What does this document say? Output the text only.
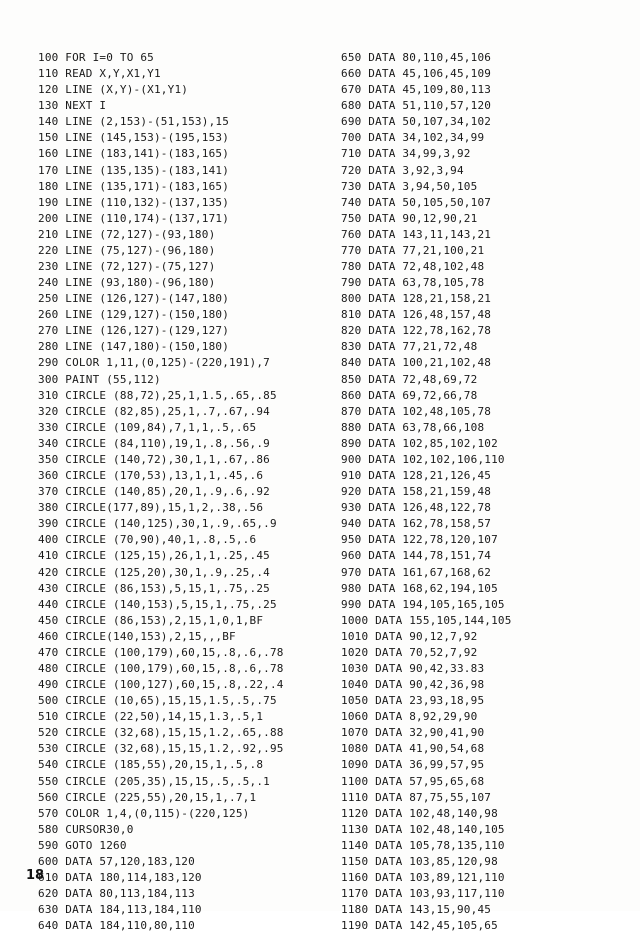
100 FOR I=0 TO 65
110 READ X,Y,X1,Y1
120 LINE (X,Y)-(X1,Y1)
130 NEXT I
140 LINE (2,153)-(51,153),15
150 LINE (145,153)-(195,153)
160 LINE (183,141)-(183,165)
170 LINE (135,135)-(183,141)
180 LINE (135,171)-(183,165)
190 LINE (110,132)-(137,135)
200 LINE (110,174)-(137,171)
210 LINE (72,127)-(93,180)
220 LINE (75,127)-(96,180)
230 LINE (72,127)-(75,127)
240 LINE (93,180)-(96,180)
250 LINE (126,127)-(147,180)
260 LINE (129,127)-(150,180)
270 LINE (126,127)-(129,127)
280 LINE (147,180)-(150,180)
290 COLOR 1,11,(0,125)-(220,191),7
300 PAINT (55,112)
310 CIRCLE (88,72),25,1,1.5,.65,.85
320 CIRCLE (82,85),25,1,.7,.67,.94
330 CIRCLE (109,84),7,1,1,.5,.65
340 CIRCLE (84,110),19,1,.8,.56,.9
350 CIRCLE (140,72),30,1,1,.67,.86
360 CIRCLE (170,53),13,1,1,.45,.6
370 CIRCLE (140,85),20,1,.9,.6,.92
380 CIRCLE(177,89),15,1,2,.38,.56
390 CIRCLE (140,125),30,1,.9,.65,.9
400 CIRCLE (70,90),40,1,.8,.5,.6
410 CIRCLE (125,15),26,1,1,.25,.45
420 CIRCLE (125,20),30,1,.9,.25,.4
430 CIRCLE (86,153),5,15,1,.75,.25
440 CIRCLE (140,153),5,15,1,.75,.25
450 CIRCLE (86,153),2,15,1,0,1,BF
460 CIRCLE(140,153),2,15,,,BF
470 CIRCLE (100,179),60,15,.8,.6,.78
480 CIRCLE (100,179),60,15,.8,.6,.78
490 CIRCLE (100,127),60,15,.8,.22,.4
500 CIRCLE (10,65),15,15,1.5,.5,.75
510 CIRCLE (22,50),14,15,1.3,.5,1
520 CIRCLE (32,68),15,15,1.2,.65,.88
530 CIRCLE (32,68),15,15,1.2,.92,.95
540 CIRCLE (185,55),20,15,1,.5,.8
550 CIRCLE (205,35),15,15,.5,.5,.1
560 CIRCLE (225,55),20,15,1,.7,1
570 COLOR 1,4,(0,115)-(220,125)
580 CURSOR30,0
590 GOTO 1260
600 DATA 57,120,183,120
610 DATA 180,114,183,120
620 DATA 80,113,184,113
630 DATA 184,113,184,110
640 DATA 184,110,80,110
650 DATA 80,110,45,106
660 DATA 45,106,45,109
670 DATA 45,109,80,113
680 DATA 51,110,57,120
690 DATA 50,107,34,102
700 DATA 34,102,34,99
710 DATA 34,99,3,92
720 DATA 3,92,3,94
730 DATA 3,94,50,105
740 DATA 50,105,50,107
750 DATA 90,12,90,21
760 DATA 143,11,143,21
770 DATA 77,21,100,21
780 DATA 72,48,102,48
790 DATA 63,78,105,78
800 DATA 128,21,158,21
810 DATA 126,48,157,48
820 DATA 122,78,162,78
830 DATA 77,21,72,48
840 DATA 100,21,102,48
850 DATA 72,48,69,72
860 DATA 69,72,66,78
870 DATA 102,48,105,78
880 DATA 63,78,66,108
890 DATA 102,85,102,102
900 DATA 102,102,106,110
910 DATA 128,21,126,45
920 DATA 158,21,159,48
930 DATA 126,48,122,78
940 DATA 162,78,158,57
950 DATA 122,78,120,107
960 DATA 144,78,151,74
970 DATA 161,67,168,62
980 DATA 168,62,194,105
990 DATA 194,105,165,105
1000 DATA 155,105,144,105
1010 DATA 90,12,7,92
1020 DATA 70,52,7,92
1030 DATA 90,42,33.83
1040 DATA 90,42,36,98
1050 DATA 23,93,18,95
1060 DATA 8,92,29,90
1070 DATA 32,90,41,90
1080 DATA 41,90,54,68
1090 DATA 36,99,57,95
1100 DATA 57,95,65,68
1110 DATA 87,75,55,107
1120 DATA 102,48,140,98
1130 DATA 102,48,140,105
1140 DATA 105,78,135,110
1150 DATA 103,85,120,98
1160 DATA 103,89,121,110
1170 DATA 103,93,117,110
1180 DATA 143,15,90,45
1190 DATA 142,45,105,65
18
